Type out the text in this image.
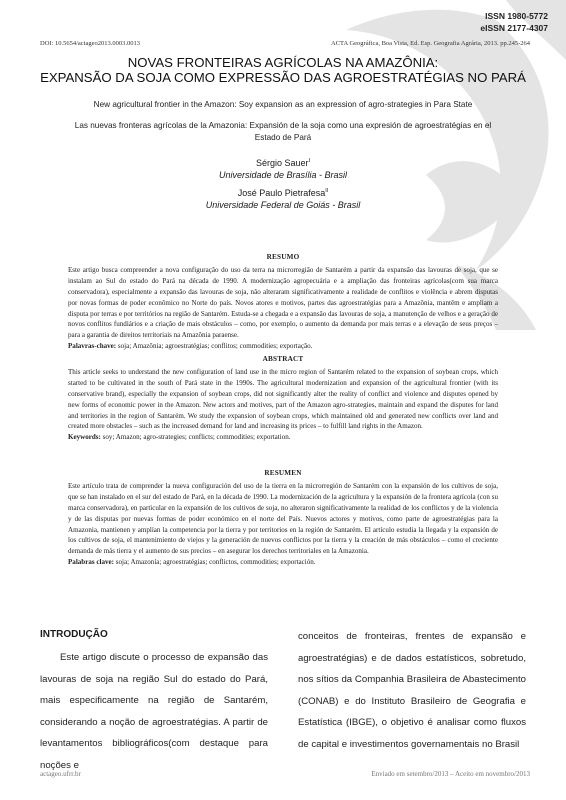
ISSN 1980-5772
eISSN 2177-4307
DOI: 10.5654/actageo2013.0003.0013	ACTA Geográfica, Boa Vista, Ed. Esp. Geografia Agrária, 2013. pp.245-264
NOVAS FRONTEIRAS AGRÍCOLAS NA AMAZÔNIA:
EXPANSÃO DA SOJA COMO EXPRESSÃO DAS AGROESTRATÉGIAS NO PARÁ
New agricultural frontier in the Amazon: Soy expansion as an expression of agro-strategies in Para State
Las nuevas fronteras agrícolas de la Amazonia: Expansión de la soja como una expresión de agroestratégias en el Estado de Pará
Sérgio Sauer$^I$
Universidade de Brasília - Brasil
José Paulo Pietrafesa$^{II}$
Universidade Federal de Goiás - Brasil
RESUMO

Este artigo busca compreender a nova configuração do uso da terra na microrregião de Santarém a partir da expansão das lavouras de soja, que se instalam ao Sul do estado do Pará na década de 1990. A modernização agropecuária e a ampliação das fronteiras agrícolas(com sua marca conservadora), especialmente a expansão das lavouras de soja, não alteraram significativamente a realidade de conflitos e violência e abrem disputas por novas formas de poder econômico no Norte do país. Novos atores e motivos, partes das agroestratégias para a Amazônia, mantêm e ampliam a disputa por terras e por territórios na região de Santarém. Estuda-se a chegada e a expansão das lavouras de soja, a manutenção de velhos e a geração de novos conflitos fundiários e a criação de mais obstáculos – como, por exemplo, o aumento da demanda por mais terras e a elevação de seus preços – para a garantia de direitos territoriais na Amazônia paraense.

Palavras-chave: soja; Amazônia; agroestratégias; conflitos; commodities; exportação.

ABSTRACT

This article seeks to understand the new configuration of land use in the micro region of Santarém related to the expansion of soybean crops, which started to be cultivated in the south of Pará state in the 1990s. The agricultural modernization and expansion of the agricultural frontier (with its conservative brand), especially the expansion of soybean crops, did not significantly alter the reality of conflict and violence and disputes opened by new forms of economic power in the Amazon. New actors and motives, part of the Amazon agro-strategies, maintain and expand the disputes for land and territories in the region of Santarém. We study the expansion of soybean crops, which maintained old and generated new conflicts over land and created more obstacles – such as the increased demand for land and increasing its prices – to fulfill land rights in the Amazon.

Keywords: soy; Amazon; agro-strategies; conflicts; commodities; exportation.

RESUMEN

Este artículo trata de comprender la nueva configuración del uso de la tierra en la microrregión de Santarém con la expansión de los cultivos de soja, que se han instalado en el sur del estado de Pará, en la década de 1990. La modernización de la agricultura y la expansión de la frontera agrícola (con su marca conservadora), en particular en la expansión de los cultivos de soja, no alteraron significativamente la realidad de los conflictos y de la violencia y de las disputas por nuevas formas de poder económico en el norte del País. Nuevos actores y motivos, como parte de agroestratégias para la Amazonia, mantienen y amplían la competencia por la tierra y por territorios en la región de Santarém. El artículo estudia la llegada y la expansión de los cultivos de soja, el mantenimiento de viejos y la generación de nuevos conflictos por la tierra y la creación de más obstáculos – como el creciente demanda de más tierra y el aumento de sus precios – en asegurar los derechos territoriales en la Amazonia.

Palabras clave: soja; Amazonía; agroestratégias; conflictos, commodities; exportación.

INTRODUÇÃO

Este artigo discute o processo de expansão das lavouras de soja na região Sul do estado do Pará, mais especificamente na região de Santarém, considerando a noção de agroestratégias. A partir de levantamentos bibliográficos(com destaque para noções e

conceitos de fronteiras, frentes de expansão e agroestratégias) e de dados estatísticos, sobretudo, nos sítios da Companhia Brasileira de Abastecimento (CONAB) e do Instituto Brasileiro de Geografia e Estatística (IBGE), o objetivo é analisar como fluxos de capital e investimentos governamentais no Brasil

actageo.ufrr.br	Enviado em setembro/2013 – Aceito em novembro/2013
